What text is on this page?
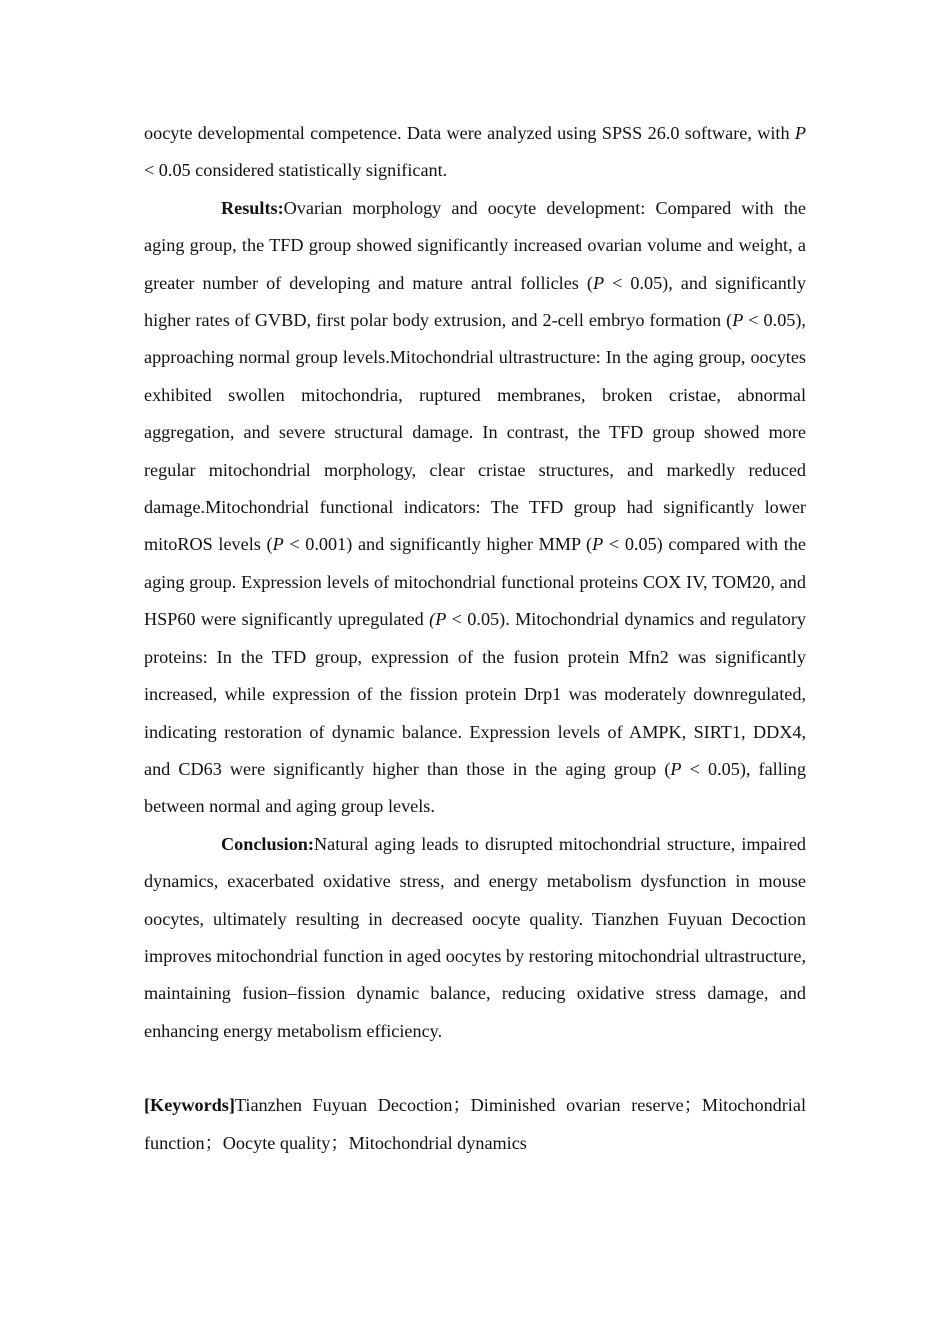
oocyte developmental competence. Data were analyzed using SPSS 26.0 software, with P < 0.05 considered statistically significant.

Results:Ovarian morphology and oocyte development: Compared with the aging group, the TFD group showed significantly increased ovarian volume and weight, a greater number of developing and mature antral follicles (P < 0.05), and significantly higher rates of GVBD, first polar body extrusion, and 2-cell embryo formation (P < 0.05), approaching normal group levels.Mitochondrial ultrastructure: In the aging group, oocytes exhibited swollen mitochondria, ruptured membranes, broken cristae, abnormal aggregation, and severe structural damage. In contrast, the TFD group showed more regular mitochondrial morphology, clear cristae structures, and markedly reduced damage.Mitochondrial functional indicators: The TFD group had significantly lower mitoROS levels (P < 0.001) and significantly higher MMP (P < 0.05) compared with the aging group. Expression levels of mitochondrial functional proteins COX IV, TOM20, and HSP60 were significantly upregulated (P < 0.05). Mitochondrial dynamics and regulatory proteins: In the TFD group, expression of the fusion protein Mfn2 was significantly increased, while expression of the fission protein Drp1 was moderately downregulated, indicating restoration of dynamic balance. Expression levels of AMPK, SIRT1, DDX4, and CD63 were significantly higher than those in the aging group (P < 0.05), falling between normal and aging group levels.

Conclusion:Natural aging leads to disrupted mitochondrial structure, impaired dynamics, exacerbated oxidative stress, and energy metabolism dysfunction in mouse oocytes, ultimately resulting in decreased oocyte quality. Tianzhen Fuyuan Decoction improves mitochondrial function in aged oocytes by restoring mitochondrial ultrastructure, maintaining fusion–fission dynamic balance, reducing oxidative stress damage, and enhancing energy metabolism efficiency.

[Keywords]Tianzhen Fuyuan Decoction；Diminished ovarian reserve；Mitochondrial function；Oocyte quality；Mitochondrial dynamics
